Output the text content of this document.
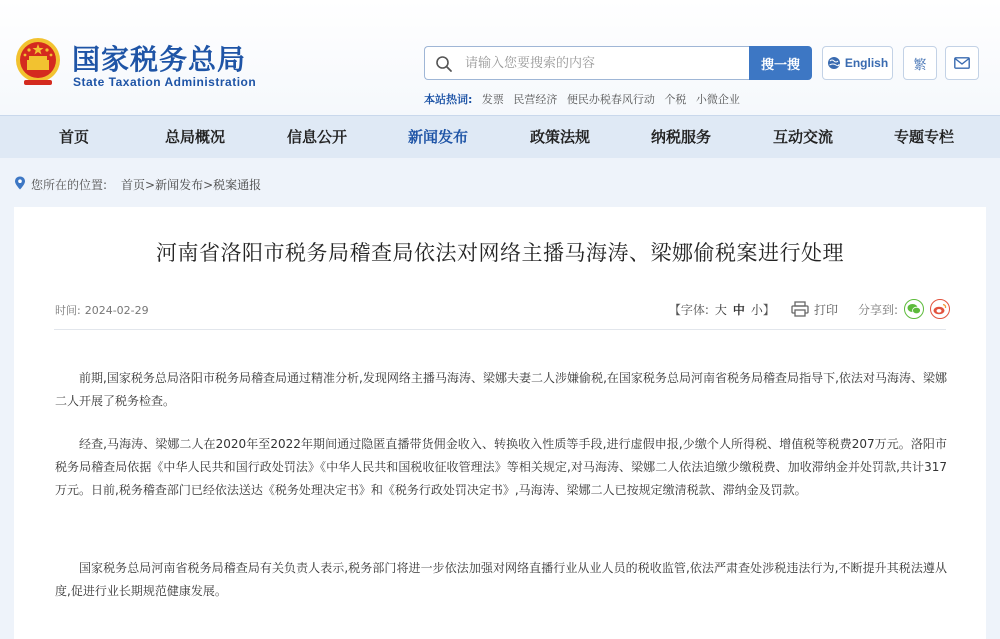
国家税务总局
State Taxation Administration
请输入您要搜索的内容
搜一搜	English	繁
本站热词: 发票 民营经济 便民办税春风行动 个税 小微企业
首页	总局概况	信息公开	新闻发布	政策法规	纳税服务	互动交流	专题专栏
您所在的位置: 首页>新闻发布>税案通报
河南省洛阳市税务局稽查局依法对网络主播马海涛、梁娜偷税案进行处理
时间: 2024-02-29	【字体: 大 中 小 】	打印 分享到:

前期,国家税务总局洛阳市税务局稽查局通过精准分析,发现网络主播马海涛、梁娜夫妻二人涉嫌偷税,在国家税务总局河南省税务局稽查局指导下,依法对马海涛、梁娜二人开展了税务检查。

经查,马海涛、梁娜二人在2020年至2022年期间通过隐匿直播带货佣金收入、转换收入性质等手段,进行虚假申报,少缴个人所得税、增值税等税费207万元。洛阳市税务局稽查局依据《中华人民共和国行政处罚法》《中华人民共和国税收征收管理法》等相关规定,对马海涛、梁娜二人依法追缴少缴税费、加收滞纳金并处罚款,共计317万元。日前,税务稽查部门已经依法送达《税务处理决定书》和《税务行政处罚决定书》,马海涛、梁娜二人已按规定缴清税款、滞纳金及罚款。

国家税务总局河南省税务局稽查局有关负责人表示,税务部门将进一步依法加强对网络直播行业从业人员的税收监管,依法严肃查处涉税违法行为,不断提升其税法遵从度,促进行业长期规范健康发展。
